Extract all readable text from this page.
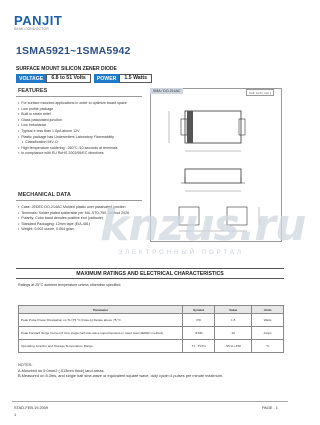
PANJIT
SEMI CONDUCTOR
1SMA5921~1SMA5942
SURFACE MOUNT SILICON ZENER DIODE
VOLTAGE	6.8 to 51 Volts	POWER	1.5 Watts
FEATURES
• For surface mounted applications in order to optimize board space
• Low profile package
• Built in strain relief
• Glass passivated junction
• Low inductance
• Typical Ir less than 1.0μA above 12V
• Plastic package has Underwriters Laboratory Flammability
• Classification 94V-O
• High temperature soldering : 260°C /10 seconds at terminals
• In compliance with EU RoHS 2002/95/EC directives
MECHANICAL DATA
• Case: JEDEC DO-214AC Molded plastic over passivated junction
• Terminals: Solder plated solderable per MIL-STD-750, Method 2026
• Polarity: Color band denotes positive end (cathode)
• Standard Packaging: 12mm tape (EIA-481)
• Weight: 0.002 ounce, 0.064 gram
SMA / DO-214AC	Unit: inch ( mm )
knzus.ru
ЭЛЕКТРОННЫЙ ПОРТАЛ
MAXIMUM RATINGS AND ELECTRICAL CHARACTERISTICS
Ratings at 25°C ambient temperature unless otherwise specified.
Parameter	Symbol	Value	Units
Peak Pulse Power Dissipation on TL=75 °C (Note A) Derate above 75 °C	PD	1.5	Watts
Peak Forward Surge Current 8.3ms single half sine-wave superimposed on rated load (JEDEC method)	IFSM	10	Amps
Operating Junction and Storage Temperature Range	TJ , TSTG	-55 to +150	°C
NOTES:
A.Mounted on 5.0mm2 (.013mm thick) land areas.
B.Measured on 8.3ms, and single half sine-wave or equivalent square wave, duty cycle=4 pulses per minute maximum.
STAD-FEB.19.2009
1
PAGE . 1
